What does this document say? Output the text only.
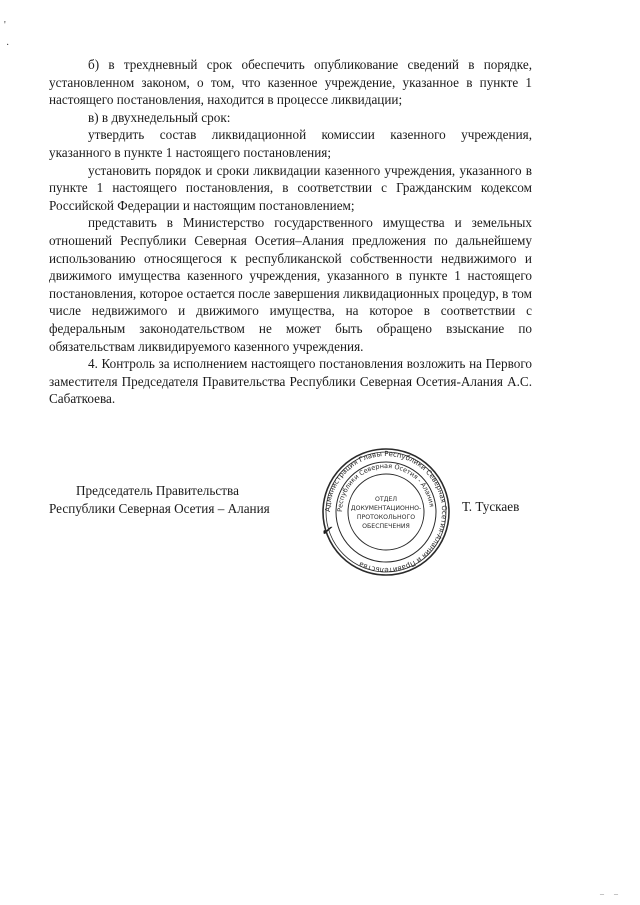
'
·

б) в трехдневный срок обеспечить опубликование сведений в порядке, установленном законом, о том, что казенное учреждение, указанное в пункте 1 настоящего постановления, находится в процессе ликвидации;

в) в двухнедельный срок:

утвердить состав ликвидационной комиссии казенного учреждения, указанного в пункте 1 настоящего постановления;

установить порядок и сроки ликвидации казенного учреждения, указанного в пункте 1 настоящего постановления, в соответствии с Гражданским кодексом Российской Федерации и настоящим постановлением;

представить в Министерство государственного имущества и земельных отношений Республики Северная Осетия–Алания предложения по дальнейшему использованию относящегося к республиканской собственности недвижимого и движимого имущества казенного учреждения, указанного в пункте 1 настоящего постановления, которое остается после завершения ликвидационных процедур, в том числе недвижимого и движимого имущества, на которое в соответствии с федеральным законодательством не может быть обращено взыскание по обязательствам ликвидируемого казенного учреждения.

4. Контроль за исполнением настоящего постановления возложить на Первого заместителя Председателя Правительства Республики Северная Осетия-Алания А.С. Сабаткоева.

Председатель Правительства
Республики Северная Осетия – Алания
✔
Администрация Главы Республики Северная Осетия-Алания и Правительства
Республики Северная Осетия - Алания
ОТДЕЛ
ДОКУМЕНТАЦИОННО-
ПРОТОКОЛЬНОГО
ОБЕСПЕЧЕНИЯ
Т. Тускаев
– –
